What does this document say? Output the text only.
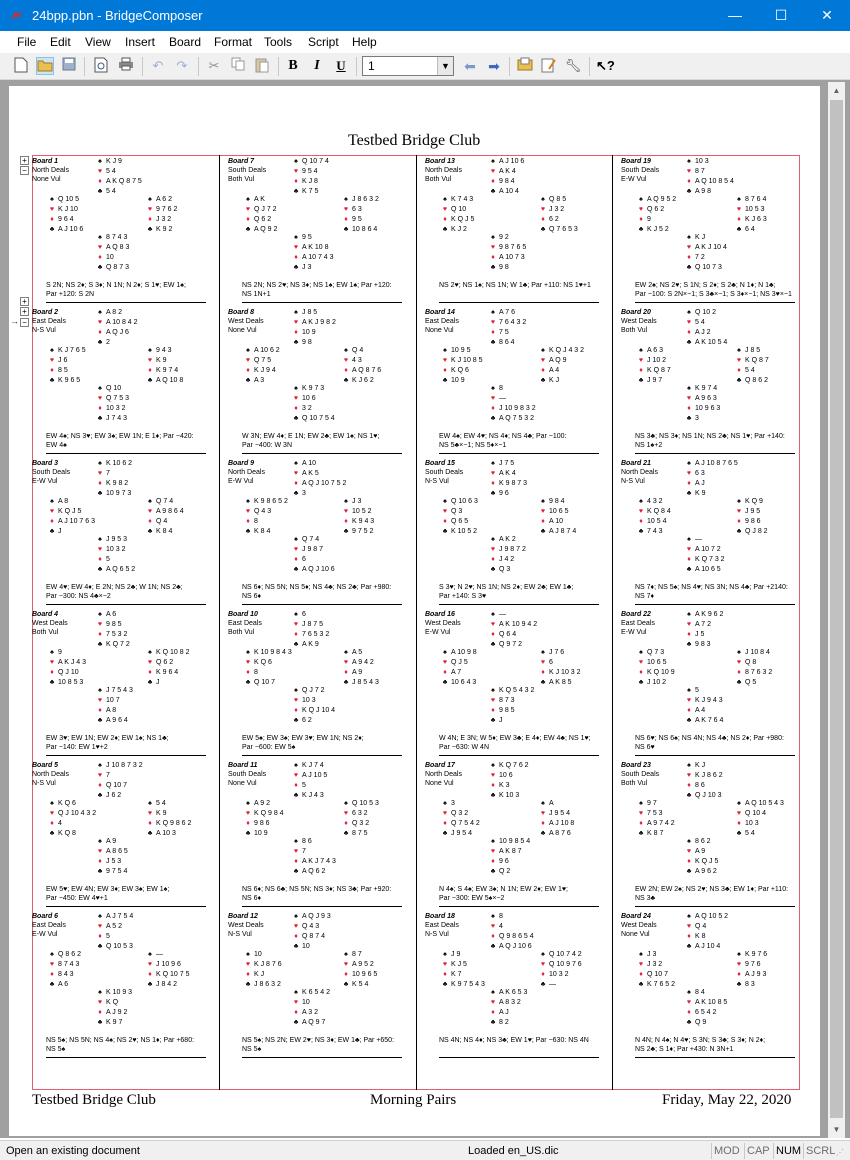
24bpp.pbn - BridgeComposer	—	☐	✕
File Edit View Insert Board Format Tools Script Help
↶ ↷ ✂	B	I	U	⬅ ➡	🔧︎ ↖?
1	▼
▲
▼
Testbed Bridge Club
Board 1
North Deals
None Vul
♠ K J 9
♥ 5 4
♦ A K Q 8 7 5
♣ 5 4
♠ Q 10 5
♥ K J 10
♦ 9 6 4
♣ A J 10 6
♠ A 6 2
♥ 9 7 6 2
♦ J 3 2
♣ K 9 2
♠ 8 7 4 3
♥ A Q 8 3
♦ 10
♣ Q 8 7 3
S 2N; NS 2♦; S 3♦; N 1N; N 2♦; S 1♥; EW 1♠;
Par +120: S 2N
Board 2
East Deals
N-S Vul
♠ A 8 2
♥ A 10 8 4 2
♦ A Q J 6
♣ 2
♠ K J 7 6 5
♥ J 6
♦ 8 5
♣ K 9 6 5
♠ 9 4 3
♥ K 9
♦ K 9 7 4
♣ A Q 10 8
♠ Q 10
♥ Q 7 5 3
♦ 10 3 2
♣ J 7 4 3
EW 4♠; NS 3♥; EW 3♠; EW 1N; E 1♦; Par −420:
EW 4♠
Board 3
South Deals
E-W Vul
♠ K 10 6 2
♥ 7
♦ K 9 8 2
♣ 10 9 7 3
♠ A 8
♥ K Q J 5
♦ A J 10 7 6 3
♣ J
♠ Q 7 4
♥ A 9 8 6 4
♦ Q 4
♣ K 8 4
♠ J 9 5 3
♥ 10 3 2
♦ 5
♣ A Q 6 5 2
EW 4♥; EW 4♦; E 2N; NS 2♣; W 1N; NS 2♣;
Par −300: NS 4♣×−2
Board 4
West Deals
Both Vul
♠ A 6
♥ 9 8 5
♦ 7 5 3 2
♣ K Q 7 2
♠ 9
♥ A K J 4 3
♦ Q J 10
♣ 10 8 5 3
♠ K Q 10 8 2
♥ Q 6 2
♦ K 9 6 4
♣ J
♠ J 7 5 4 3
♥ 10 7
♦ A 8
♣ A 9 6 4
EW 3♥; EW 1N; EW 2♦; EW 1♠; NS 1♣;
Par −140: EW 1♥+2
Board 5
North Deals
N-S Vul
♠ J 10 8 7 3 2
♥ 7
♦ Q 10 7
♣ J 6 2
♠ K Q 6
♥ Q J 10 4 3 2
♦ 4
♣ K Q 8
♠ 5 4
♥ K 9
♦ K Q 9 8 6 2
♣ A 10 3
♠ A 9
♥ A 8 6 5
♦ J 5 3
♣ 9 7 5 4
EW 5♥; EW 4N; EW 3♦; EW 3♠; EW 1♠;
Par −450: EW 4♥+1
Board 6
East Deals
E-W Vul
♠ A J 7 5 4
♥ A 5 2
♦ 5
♣ Q 10 5 3
♠ Q 8 6 2
♥ 8 7 4 3
♦ 8 4 3
♣ A 6
♠ —
♥ J 10 9 6
♦ K Q 10 7 5
♣ J 8 4 2
♠ K 10 9 3
♥ K Q
♦ A J 9 2
♣ K 9 7
NS 5♠; NS 5N; NS 4♠; NS 2♥; NS 1♦; Par +680:
NS 5♠
Board 7
South Deals
Both Vul
♠ Q 10 7 4
♥ 9 5 4
♦ K J 8
♣ K 7 5
♠ A K
♥ Q J 7 2
♦ Q 6 2
♣ A Q 9 2
♠ J 8 6 3 2
♥ 6 3
♦ 9 5
♣ 10 8 6 4
♠ 9 5
♥ A K 10 8
♦ A 10 7 4 3
♣ J 3
NS 2N; NS 2♥; NS 3♦; NS 1♠; EW 1♠; Par +120:
NS 1N+1
Board 8
West Deals
None Vul
♠ J 8 5
♥ A K J 9 8 2
♦ 10 9
♣ 9 8
♠ A 10 6 2
♥ Q 7 5
♦ K J 9 4
♣ A 3
♠ Q 4
♥ 4 3
♦ A Q 8 7 6
♣ K J 6 2
♠ K 9 7 3
♥ 10 6
♦ 3 2
♣ Q 10 7 5 4
W 3N; EW 4♦; E 1N; EW 2♣; EW 1♠; NS 1♥;
Par −400: W 3N
Board 9
North Deals
E-W Vul
♠ A 10
♥ A K 5
♦ A Q J 10 7 5 2
♣ 3
♠ K 9 8 6 5 2
♥ Q 4 3
♦ 8
♣ K 8 4
♠ J 3
♥ 10 5 2
♦ K 9 4 3
♣ 9 7 5 2
♠ Q 7 4
♥ J 9 8 7
♦ 6
♣ A Q J 10 6
NS 6♦; NS 5N; NS 5♦; NS 4♣; NS 2♣; Par +980:
NS 6♦
Board 10
East Deals
Both Vul
♠ 6
♥ J 8 7 5
♦ 7 6 5 3 2
♣ A K 9
♠ K 10 9 8 4 3
♥ K Q 6
♦ 8
♣ Q 10 7
♠ A 5
♥ A 9 4 2
♦ A 9
♣ J 8 5 4 3
♠ Q J 7 2
♥ 10 3
♦ K Q J 10 4
♣ 6 2
EW 5♠; EW 3♠; EW 3♥; EW 1N; NS 2♦;
Par −600: EW 5♠
Board 11
South Deals
None Vul
♠ K J 7 4
♥ A J 10 5
♦ 5
♣ K J 4 3
♠ A 9 2
♥ K Q 9 8 4
♦ 9 8 6
♣ 10 9
♠ Q 10 5 3
♥ 6 3 2
♦ Q 3 2
♣ 8 7 5
♠ 8 6
♥ 7
♦ A K J 7 4 3
♣ A Q 6 2
NS 6♦; NS 6♣; NS 5N; NS 3♦; NS 3♣; Par +920:
NS 6♦
Board 12
West Deals
N-S Vul
♠ A Q J 9 3
♥ Q 4 3
♦ Q 8 7 4
♣ 10
♠ 10
♥ K J 8 7 6
♦ K J
♣ J 8 6 3 2
♠ 8 7
♥ A 9 5 2
♦ 10 9 6 5
♣ K 5 4
♠ K 6 5 4 2
♥ 10
♦ A 3 2
♣ A Q 9 7
NS 5♠; NS 2N; EW 2♥; NS 3♦; EW 1♣; Par +650:
NS 5♠
Board 13
North Deals
Both Vul
♠ A J 10 6
♥ A K 4
♦ 9 8 4
♣ A 10 4
♠ K 7 4 3
♥ Q 10
♦ K Q J 5
♣ K J 2
♠ Q 8 5
♥ J 3 2
♦ 6 2
♣ Q 7 6 5 3
♠ 9 2
♥ 9 8 7 6 5
♦ A 10 7 3
♣ 9 8
NS 2♥; NS 1♠; NS 1N; W 1♣; Par +110: NS 1♥+1
Board 14
East Deals
None Vul
♠ A 7 6
♥ 7 6 4 3 2
♦ 7 5
♣ 8 6 4
♠ 10 9 5
♥ K J 10 8 5
♦ K Q 6
♣ 10 9
♠ K Q J 4 3 2
♥ A Q 9
♦ A 4
♣ K J
♠ 8
♥ —
♦ J 10 9 8 3 2
♣ A Q 7 5 3 2
EW 4♠; EW 4♥; NS 4♦; NS 4♣; Par −100:
NS 5♣×−1; NS 5♦×−1
Board 15
South Deals
N-S Vul
♠ J 7 5
♥ A K 4
♦ K 9 8 7 3
♣ 9 6
♠ Q 10 6 3
♥ Q 3
♦ Q 6 5
♣ K 10 5 2
♠ 9 8 4
♥ 10 6 5
♦ A 10
♣ A J 8 7 4
♠ A K 2
♥ J 9 8 7 2
♦ J 4 2
♣ Q 3
S 3♥; N 2♥; NS 1N; NS 2♦; EW 2♣; EW 1♣;
Par +140: S 3♥
Board 16
West Deals
E-W Vul
♠ —
♥ A K 10 9 4 2
♦ Q 6 4
♣ Q 9 7 2
♠ A 10 9 8
♥ Q J 5
♦ A 7
♣ 10 6 4 3
♠ J 7 6
♥ 6
♦ K J 10 3 2
♣ A K 8 5
♠ K Q 5 4 3 2
♥ 8 7 3
♦ 9 8 5
♣ J
W 4N; E 3N; W 5♦; EW 3♣; E 4♦; EW 4♣; NS 1♥;
Par −630: W 4N
Board 17
North Deals
None Vul
♠ K Q 7 6 2
♥ 10 6
♦ K 3
♣ K 10 3
♠ 3
♥ Q 3 2
♦ Q 7 5 4 2
♣ J 9 5 4
♠ A
♥ J 9 5 4
♦ A J 10 8
♣ A 8 7 6
♠ 10 9 8 5 4
♥ A K 8 7
♦ 9 6
♣ Q 2
N 4♠; S 4♠; EW 3♠; N 1N; EW 2♦; EW 1♥;
Par −300: EW 5♠×−2
Board 18
East Deals
N-S Vul
♠ 8
♥ 4
♦ Q 9 8 6 5 4
♣ A Q J 10 6
♠ J 9
♥ K J 5
♦ K 7
♣ K 9 7 5 4 3
♠ Q 10 7 4 2
♥ Q 10 9 7 6
♦ 10 3 2
♣ —
♠ A K 6 5 3
♥ A 8 3 2
♦ A J
♣ 8 2
NS 4N; NS 4♦; NS 3♣; EW 1♥; Par −630: NS 4N
Board 19
South Deals
E-W Vul
♠ 10 3
♥ 8 7
♦ A Q 10 8 5 4
♣ A 9 8
♠ A Q 9 5 2
♥ Q 6 2
♦ 9
♣ K J 5 2
♠ 8 7 6 4
♥ 10 5 3
♦ K J 6 3
♣ 6 4
♠ K J
♥ A K J 10 4
♦ 7 2
♣ Q 10 7 3
EW 2♠; NS 2♥; S 1N; S 2♦; S 2♣; N 1♦; N 1♣;
Par −100: S 2N×−1; S 3♣×−1; S 3♦×−1; NS 3♥×−1
Board 20
West Deals
Both Vul
♠ Q 10 2
♥ 5 4
♦ A J 2
♣ A K 10 5 4
♠ A 6 3
♥ J 10 2
♦ K Q 8 7
♣ J 9 7
♠ J 8 5
♥ K Q 8 7
♦ 5 4
♣ Q 8 6 2
♠ K 9 7 4
♥ A 9 6 3
♦ 10 9 6 3
♣ 3
NS 3♣; NS 3♦; NS 1N; NS 2♣; NS 1♥; Par +140:
NS 1♠+2
Board 21
North Deals
N-S Vul
♠ A J 10 8 7 6 5
♥ 6 3
♦ A J
♣ K 9
♠ 4 3 2
♥ K Q 8 4
♦ 10 5 4
♣ 7 4 3
♠ K Q 9
♥ J 9 5
♦ 9 8 6
♣ Q J 8 2
♠ —
♥ A 10 7 2
♦ K Q 7 3 2
♣ A 10 6 5
NS 7♦; NS 5♠; NS 4♥; NS 3N; NS 4♣; Par +2140:
NS 7♦
Board 22
East Deals
E-W Vul
♠ A K 9 6 2
♥ A 7 2
♦ J 5
♣ 9 8 3
♠ Q 7 3
♥ 10 6 5
♦ K Q 10 9
♣ J 10 2
♠ J 10 8 4
♥ Q 8
♦ 8 7 6 3 2
♣ Q 5
♠ 5
♥ K J 9 4 3
♦ A 4
♣ A K 7 6 4
NS 6♥; NS 6♠; NS 4N; NS 4♣; NS 2♦; Par +980:
NS 6♥
Board 23
South Deals
Both Vul
♠ K J
♥ K J 8 6 2
♦ 8 6
♣ Q J 10 3
♠ 9 7
♥ 7 5 3
♦ A 9 7 4 2
♣ K 8 7
♠ A Q 10 5 4 3
♥ Q 10 4
♦ 10 3
♣ 5 4
♠ 8 6 2
♥ A 9
♦ K Q J 5
♣ A 9 6 2
EW 2N; EW 2♠; NS 2♥; NS 3♣; EW 1♦; Par +110:
NS 3♣
Board 24
West Deals
None Vul
♠ A Q 10 5 2
♥ Q 4
♦ K 8
♣ A J 10 4
♠ J 3
♥ J 3 2
♦ Q 10 7
♣ K 7 6 5 2
♠ K 9 7 6
♥ 9 7 6
♦ A J 9 3
♣ 8 3
♠ 8 4
♥ A K 10 8 5
♦ 6 5 4 2
♣ Q 9
N 4N; N 4♠; N 4♥; S 3N; S 3♣; S 3♦; N 2♦;
NS 2♣; S 1♦; Par +430: N 3N+1
+
−
+
+
−
→
Testbed Bridge Club	Morning Pairs	Friday, May 22, 2020
Open an existing document	Loaded en_US.dic	MOD CAP NUM SCRL ⋰
